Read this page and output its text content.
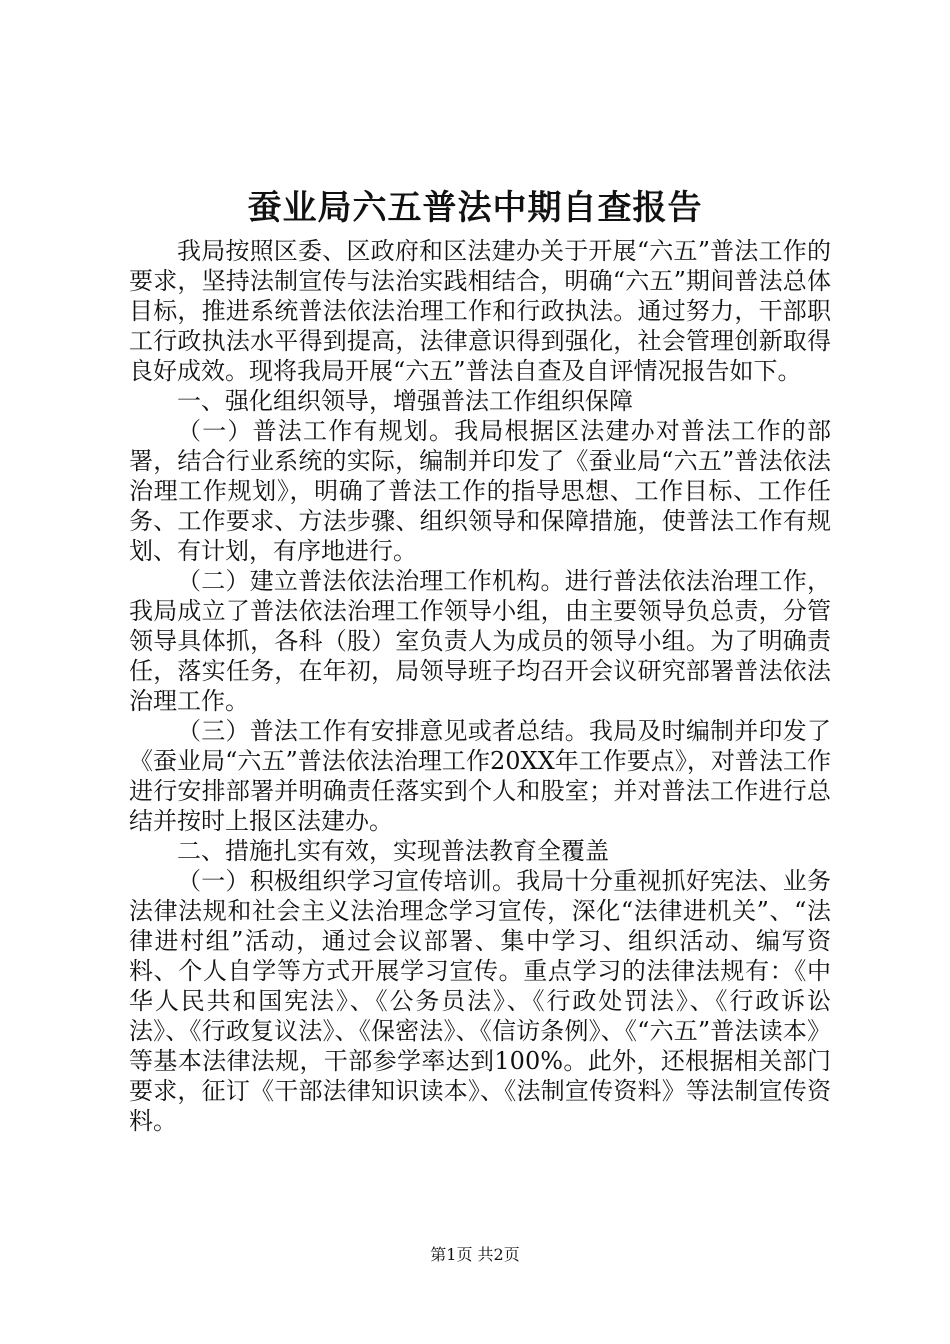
蚕业局六五普法中期自查报告

我局按照区委、区政府和区法建办关于开展“六五”普法工作的要求，坚持法制宣传与法治实践相结合，明确“六五”期间普法总体目标，推进系统普法依法治理工作和行政执法。通过努力，干部职工行政执法水平得到提高，法律意识得到强化，社会管理创新取得良好成效。现将我局开展“六五”普法自查及自评情况报告如下。

一、强化组织领导，增强普法工作组织保障

（一）普法工作有规划。我局根据区法建办对普法工作的部署，结合行业系统的实际，编制并印发了《蚕业局“六五”普法依法治理工作规划》，明确了普法工作的指导思想、工作目标、工作任务、工作要求、方法步骤、组织领导和保障措施，使普法工作有规划、有计划，有序地进行。

（二）建立普法依法治理工作机构。进行普法依法治理工作，我局成立了普法依法治理工作领导小组，由主要领导负总责，分管领导具体抓，各科（股）室负责人为成员的领导小组。为了明确责任，落实任务，在年初，局领导班子均召开会议研究部署普法依法治理工作。

（三）普法工作有安排意见或者总结。我局及时编制并印发了《蚕业局“六五”普法依法治理工作20XX年工作要点》，对普法工作进行安排部署并明确责任落实到个人和股室；并对普法工作进行总结并按时上报区法建办。

二、措施扎实有效，实现普法教育全覆盖

（一）积极组织学习宣传培训。我局十分重视抓好宪法、业务法律法规和社会主义法治理念学习宣传，深化“法律进机关”、“法律进村组”活动，通过会议部署、集中学习、组织活动、编写资料、个人自学等方式开展学习宣传。重点学习的法律法规有：《中华人民共和国宪法》、《公务员法》、《行政处罚法》、《行政诉讼法》、《行政复议法》、《保密法》、《信访条例》、《“六五”普法读本》等基本法律法规，干部参学率达到100%。此外，还根据相关部门要求，征订《干部法律知识读本》、《法制宣传资料》等法制宣传资料。

第1页 共2页
